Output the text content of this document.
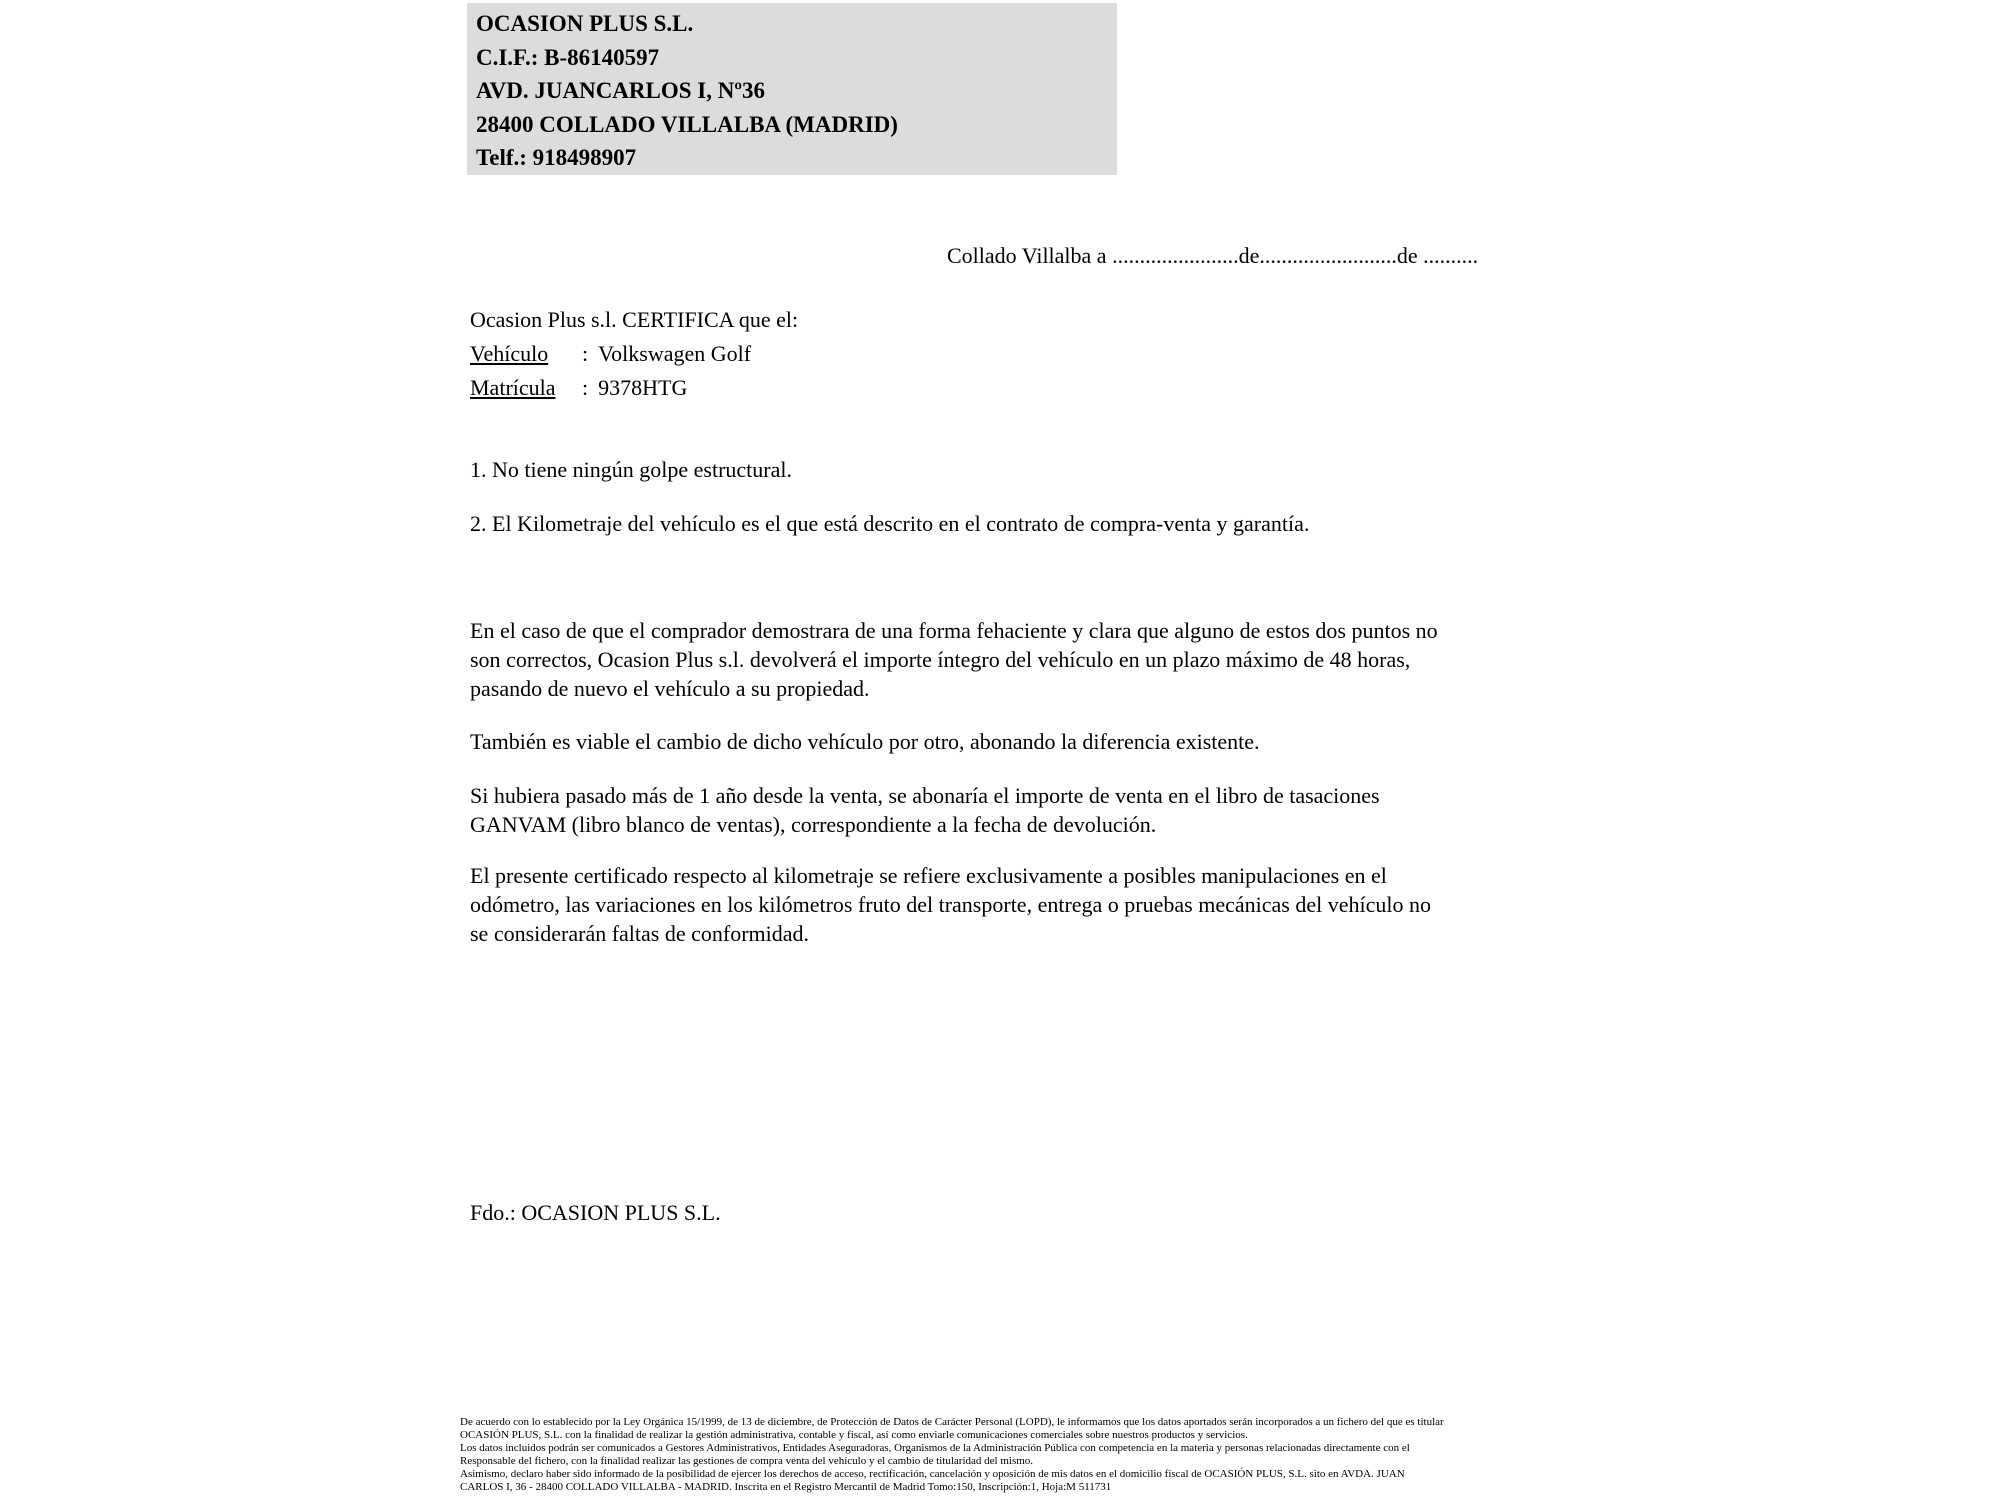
OCASION PLUS S.L.
C.I.F.: B-86140597
AVD. JUANCARLOS I, Nº36
28400 COLLADO VILLALBA (MADRID)
Telf.: 918498907
Collado Villalba a .......................de.........................de ..........
Ocasion Plus s.l. CERTIFICA que el:
Vehículo : Volkswagen Golf
Matrícula : 9378HTG
1. No tiene ningún golpe estructural.
2. El Kilometraje del vehículo es el que está descrito en el contrato de compra-venta y garantía.
En el caso de que el comprador demostrara de una forma fehaciente y clara que alguno de estos dos puntos no
son correctos, Ocasion Plus s.l. devolverá el importe íntegro del vehículo en un plazo máximo de 48 horas,
pasando de nuevo el vehículo a su propiedad.
También es viable el cambio de dicho vehículo por otro, abonando la diferencia existente.
Si hubiera pasado más de 1 año desde la venta, se abonaría el importe de venta en el libro de tasaciones
GANVAM (libro blanco de ventas), correspondiente a la fecha de devolución.
El presente certificado respecto al kilometraje se refiere exclusivamente a posibles manipulaciones en el
odómetro, las variaciones en los kilómetros fruto del transporte, entrega o pruebas mecánicas del vehículo no
se considerarán faltas de conformidad.
Fdo.: OCASION PLUS S.L.
De acuerdo con lo establecido por la Ley Orgánica 15/1999, de 13 de diciembre, de Protección de Datos de Carácter Personal (LOPD), le informamos que los datos aportados serán incorporados a un fichero del que es titular
OCASIÓN PLUS, S.L. con la finalidad de realizar la gestión administrativa, contable y fiscal, así como enviarle comunicaciones comerciales sobre nuestros productos y servicios.
Los datos incluidos podrán ser comunicados a Gestores Administrativos, Entidades Aseguradoras, Organismos de la Administración Pública con competencia en la materia y personas relacionadas directamente con el
Responsable del fichero, con la finalidad realizar las gestiones de compra venta del vehículo y el cambio de titularidad del mismo.
Asimismo, declaro haber sido informado de la posibilidad de ejercer los derechos de acceso, rectificación, cancelación y oposición de mis datos en el domicilio fiscal de OCASIÓN PLUS, S.L. sito en AVDA. JUAN
CARLOS I, 36 - 28400 COLLADO VILLALBA - MADRID. Inscrita en el Registro Mercantil de Madrid Tomo:150, Inscripción:1, Hoja:M 511731
